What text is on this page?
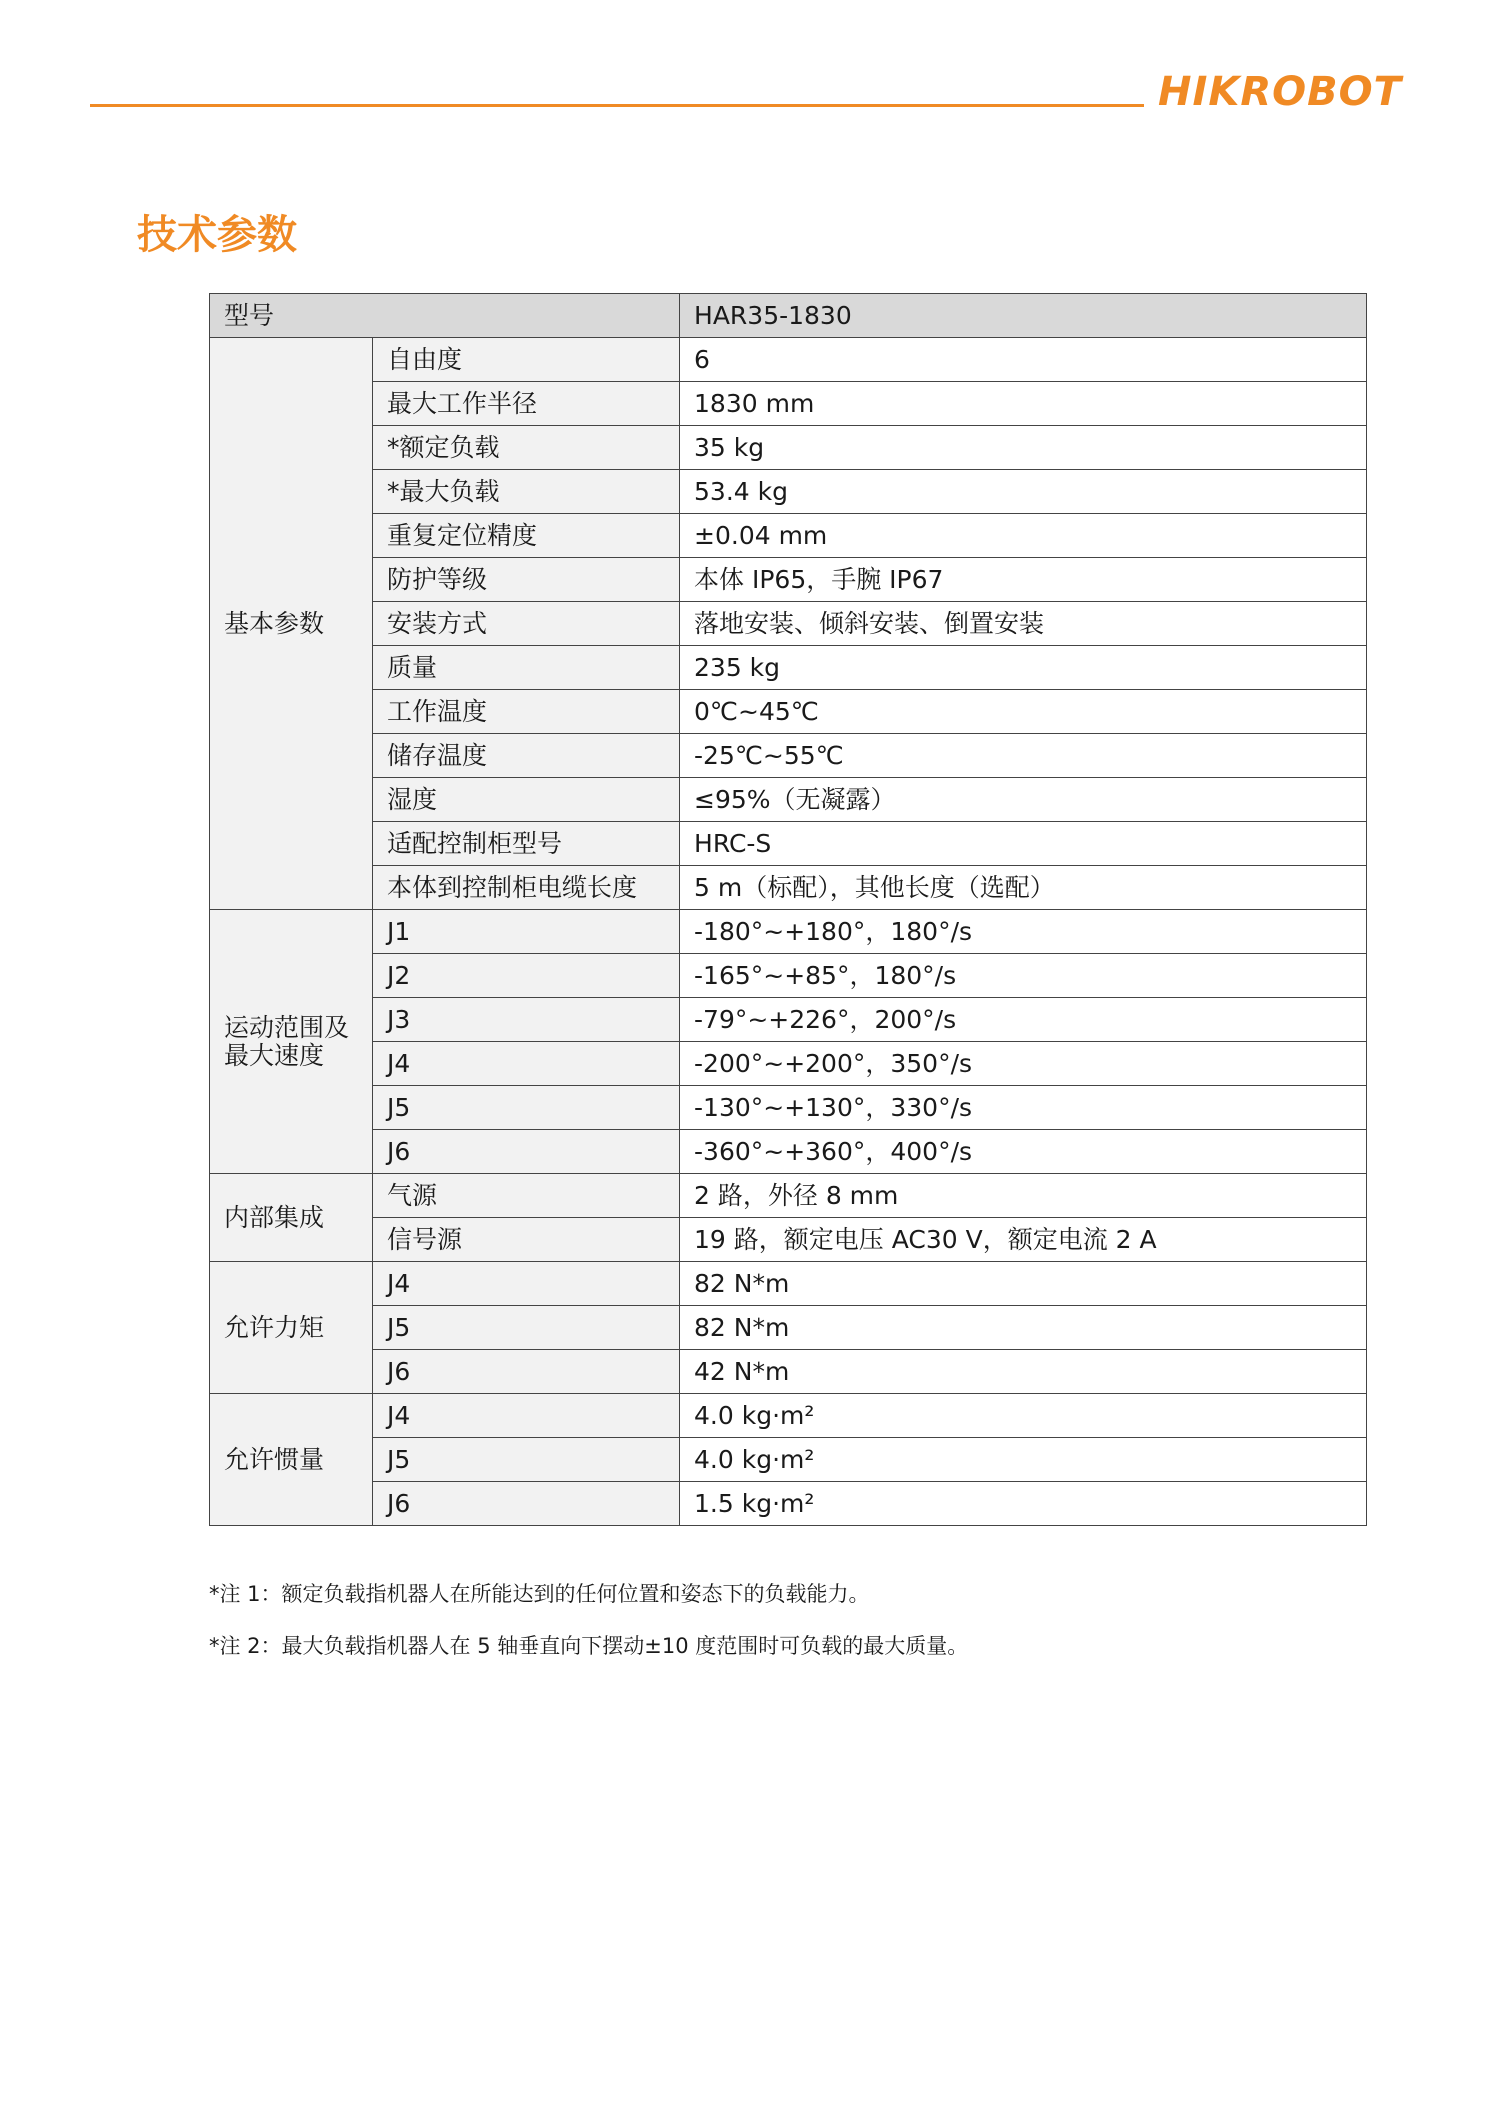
HIKROBOT
技术参数
型号		HAR35-1830
基本参数	自由度	6
	最大工作半径	1830 mm
	*额定负载	35 kg
	*最大负载	53.4 kg
	重复定位精度	±0.04 mm
	防护等级	本体 IP65，手腕 IP67
	安装方式	落地安装、倾斜安装、倒置安装
	质量	235 kg
	工作温度	0℃~45℃
	储存温度	-25℃~55℃
	湿度	≤95%（无凝露）
	适配控制柜型号	HRC-S
	本体到控制柜电缆长度	5 m（标配），其他长度（选配）

运动范围及
最大速度	J1	-180°~+180°，180°/s
	J2	-165°~+85°，180°/s
	J3	-79°~+226°，200°/s
	J4	-200°~+200°，350°/s
	J5	-130°~+130°，330°/s
	J6	-360°~+360°，400°/s
内部集成	气源	2 路，外径 8 mm
	信号源	19 路，额定电压 AC30 V，额定电流 2 A
允许力矩	J4	82 N*m
	J5	82 N*m
	J6	42 N*m
允许惯量	J4	4.0 kg·m²
	J5	4.0 kg·m²
	J6	1.5 kg·m²

*注 1：额定负载指机器人在所能达到的任何位置和姿态下的负载能力。

*注 2：最大负载指机器人在 5 轴垂直向下摆动±10 度范围时可负载的最大质量。
